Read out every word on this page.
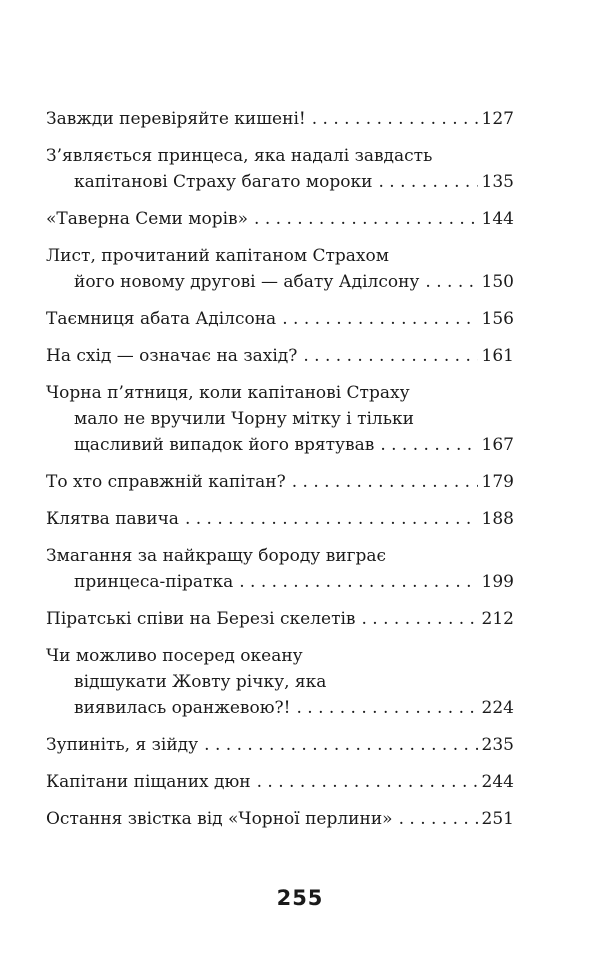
Завжди перевіряйте кишені! . . .	127
З’являється принцеса, яка надалі завдасть
капітанові Страху багато мороки . . .	135
«Таверна Семи морів» . . .	144
Лист, прочитаний капітаном Страхом
його новому другові — абату Аділсону . . .	150
Таємниця абата Аділсона . . .	156
На схід — означає на захід? . . .	161
Чорна п’ятниця, коли капітанові Страху
мало не вручили Чорну мітку і тільки
щасливий випадок його врятував . . .	167
То хто справжній капітан? . . .	179
Клятва павича . . .	188
Змагання за найкращу бороду виграє
принцеса-піратка . . .	199
Піратські співи на Березі скелетів . . .	212
Чи можливо посеред океану
відшукати Жовту річку, яка
виявилась оранжевою?! . . .	224
Зупиніть, я зійду . . .	235
Капітани піщаних дюн . . .	244
Остання звістка від «Чорної перлини» . . .	251
255
